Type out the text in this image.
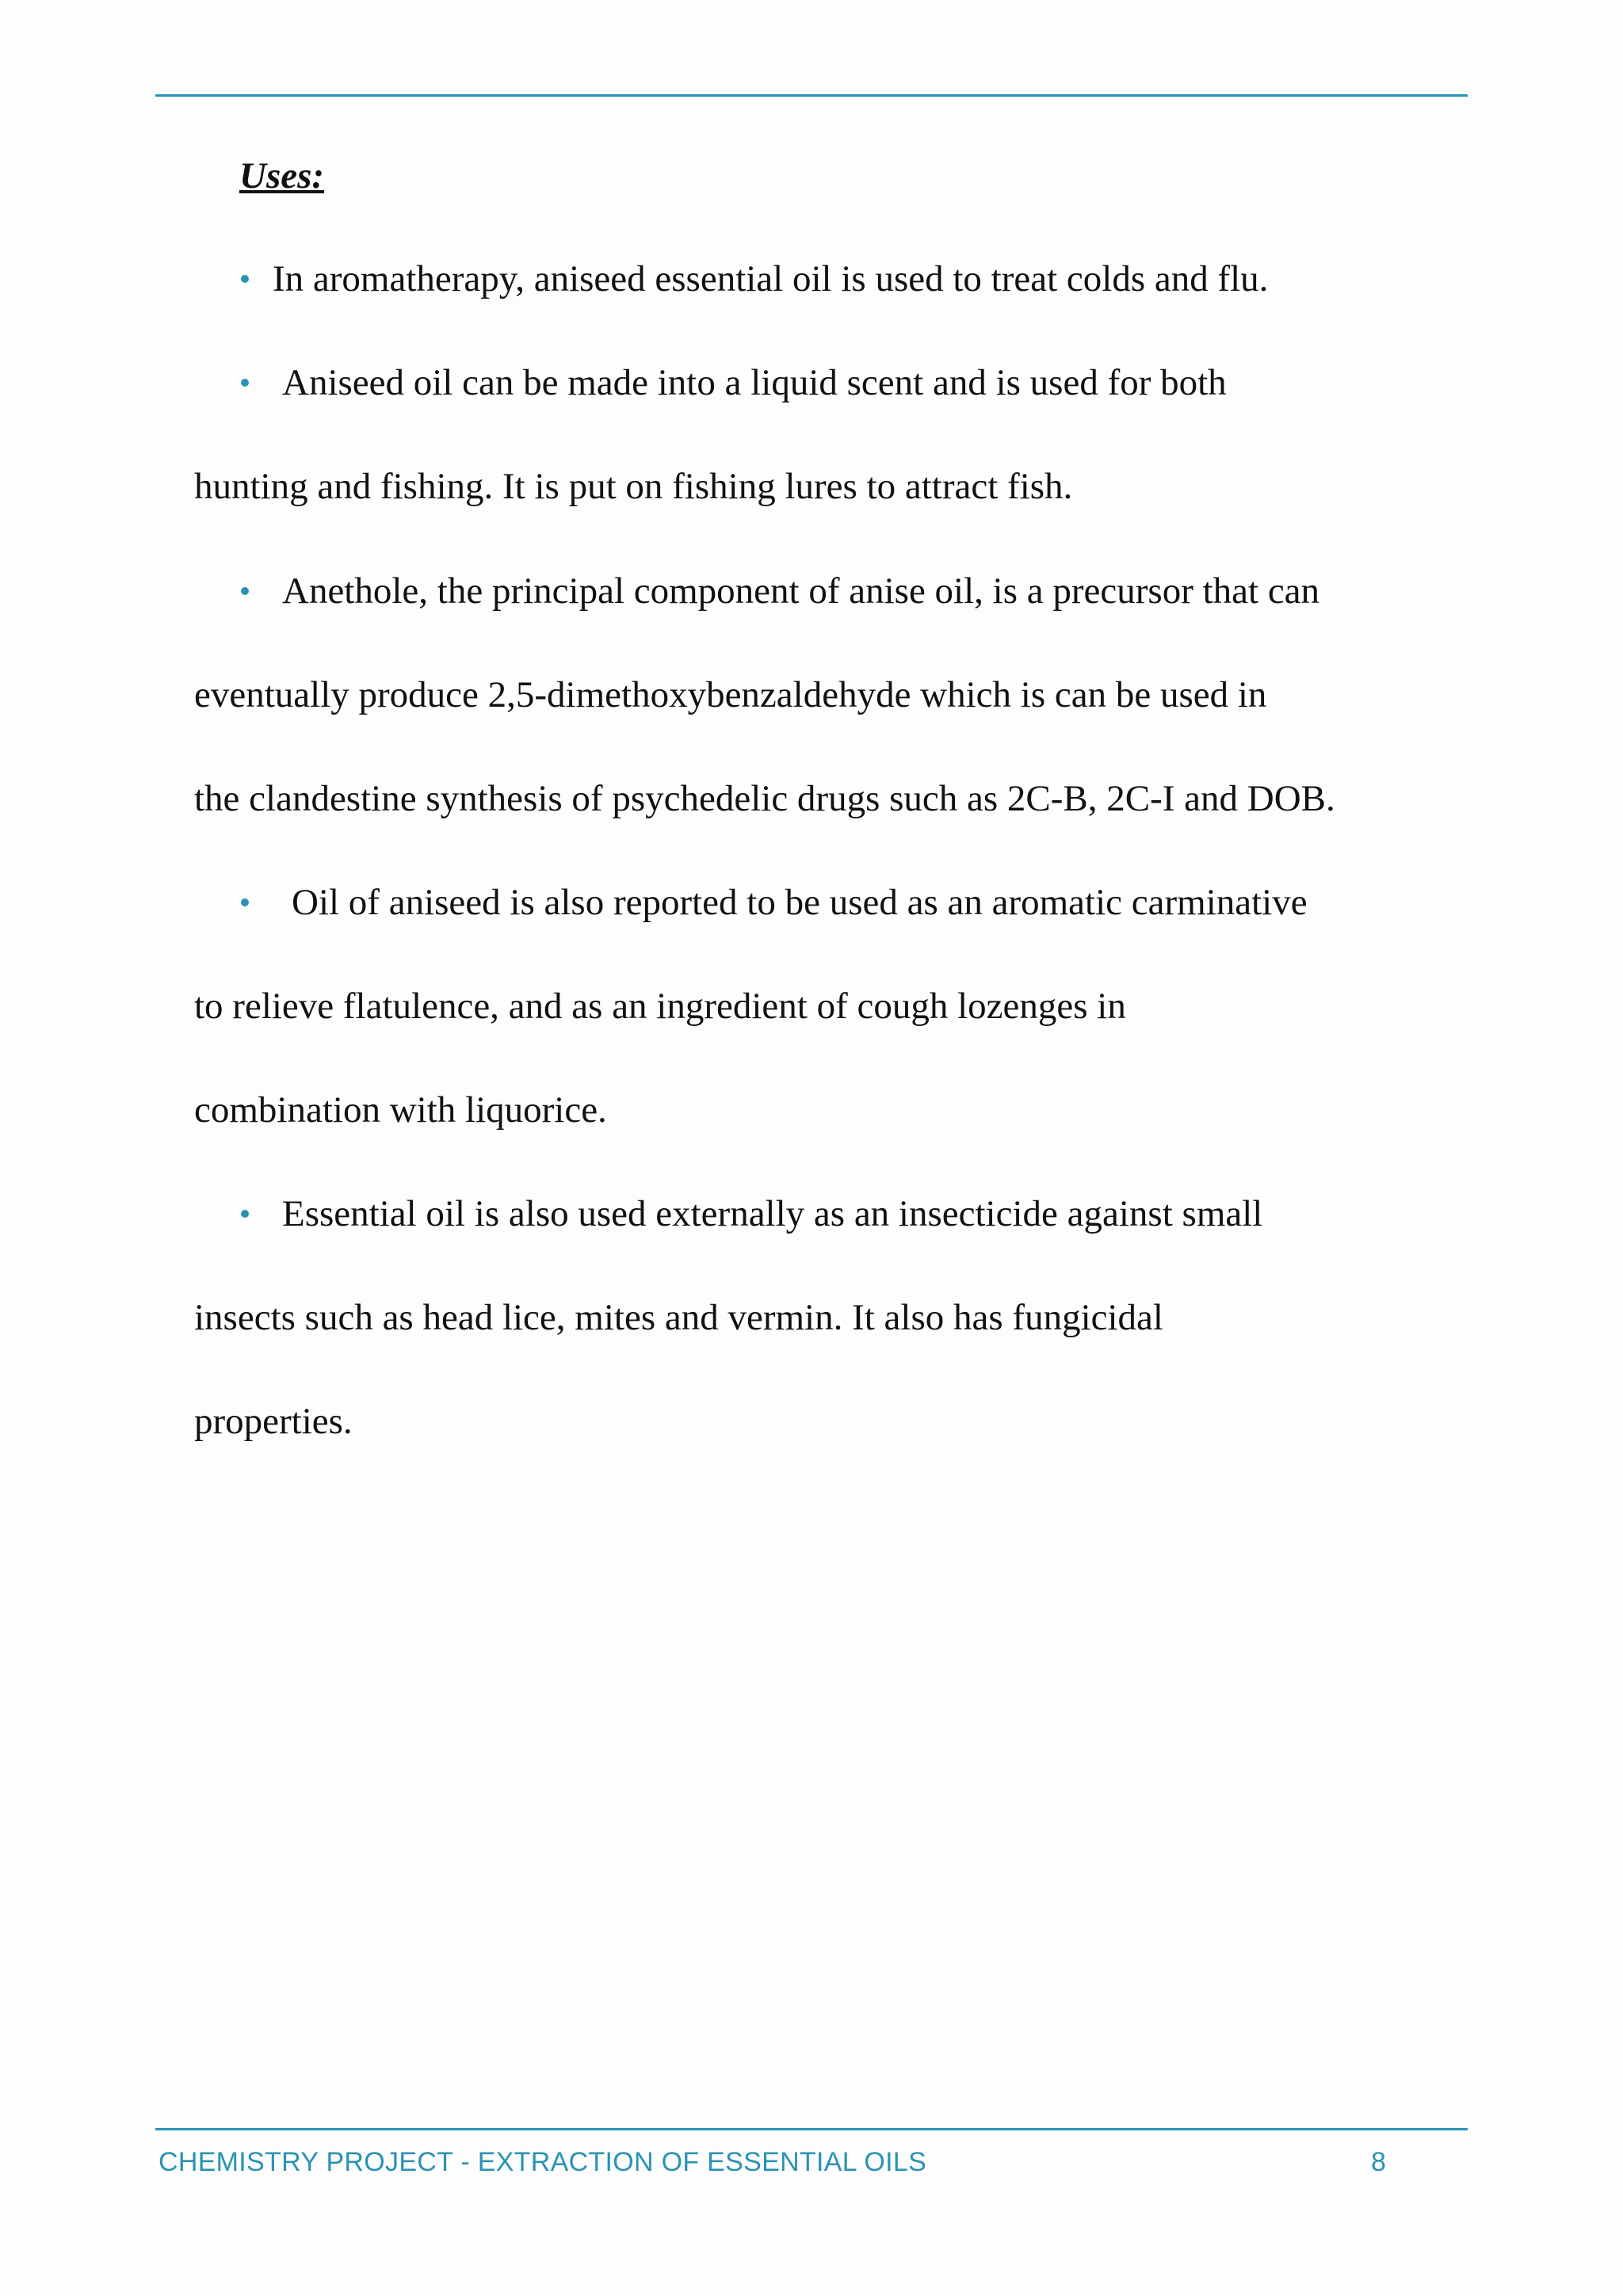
Uses:
In aromatherapy, aniseed essential oil is used to treat colds and flu.
Aniseed oil can be made into a liquid scent and is used for both
hunting and fishing. It is put on fishing lures to attract fish.
Anethole, the principal component of anise oil, is a precursor that can
eventually produce 2,5-dimethoxybenzaldehyde which is can be used in
the clandestine synthesis of psychedelic drugs such as 2C-B, 2C-I and DOB.
Oil of aniseed is also reported to be used as an aromatic carminative
to relieve flatulence, and as an ingredient of cough lozenges in
combination with liquorice.
Essential oil is also used externally as an insecticide against small
insects such as head lice, mites and vermin. It also has fungicidal
properties.
CHEMISTRY PROJECT - EXTRACTION OF ESSENTIAL OILS	8
